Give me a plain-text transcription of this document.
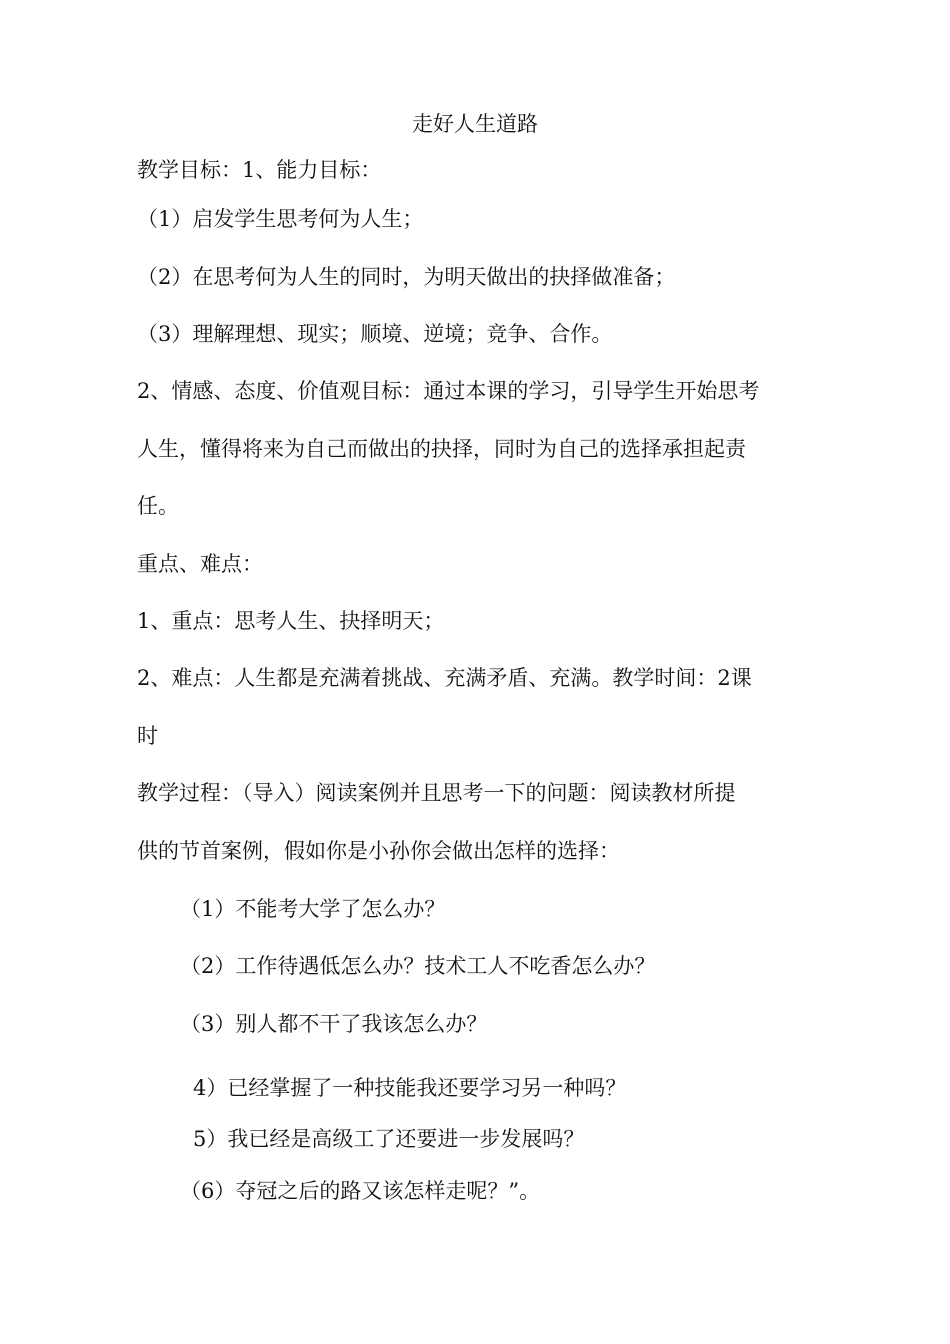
走好人生道路
教学目标：1、能力目标：
（1）启发学生思考何为人生；
（2）在思考何为人生的同时，为明天做出的抉择做准备；
（3）理解理想、现实；顺境、逆境；竞争、合作。
2、情感、态度、价值观目标：通过本课的学习，引导学生开始思考
人生，懂得将来为自己而做出的抉择，同时为自己的选择承担起责
任。
重点、难点：
1、重点：思考人生、抉择明天；
2、难点：人生都是充满着挑战、充满矛盾、充满。教学时间：2课
时
教学过程：（导入）阅读案例并且思考一下的问题：阅读教材所提
供的节首案例，假如你是小孙你会做出怎样的选择：
（1）不能考大学了怎么办？
（2）工作待遇低怎么办？技术工人不吃香怎么办？
（3）别人都不干了我该怎么办？
4）已经掌握了一种技能我还要学习另一种吗？
5）我已经是高级工了还要进一步发展吗？
（6）夺冠之后的路又该怎样走呢？”。
